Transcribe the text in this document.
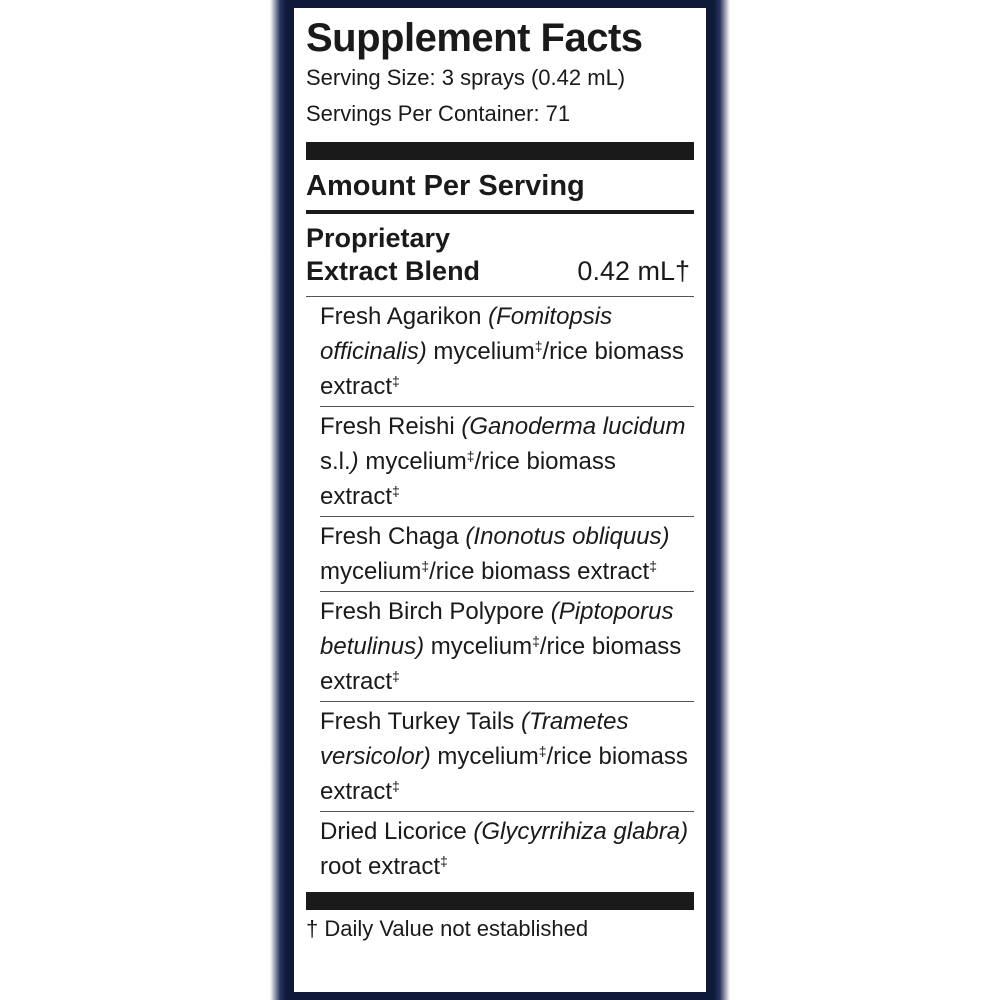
Supplement Facts
Serving Size: 3 sprays (0.42 mL)
Servings Per Container: 71
Amount Per Serving
Proprietary
Extract Blend	0.42 mL†
Fresh Agarikon (Fomitopsis officinalis) mycelium‡/rice biomass extract‡
Fresh Reishi (Ganoderma lucidum s.l.) mycelium‡/rice biomass extract‡
Fresh Chaga (Inonotus obliquus) mycelium‡/rice biomass extract‡
Fresh Birch Polypore (Piptoporus betulinus) mycelium‡/rice biomass extract‡
Fresh Turkey Tails (Trametes versicolor) mycelium‡/rice biomass extract‡
Dried Licorice (Glycyrrihiza glabra) root extract‡
† Daily Value not established
